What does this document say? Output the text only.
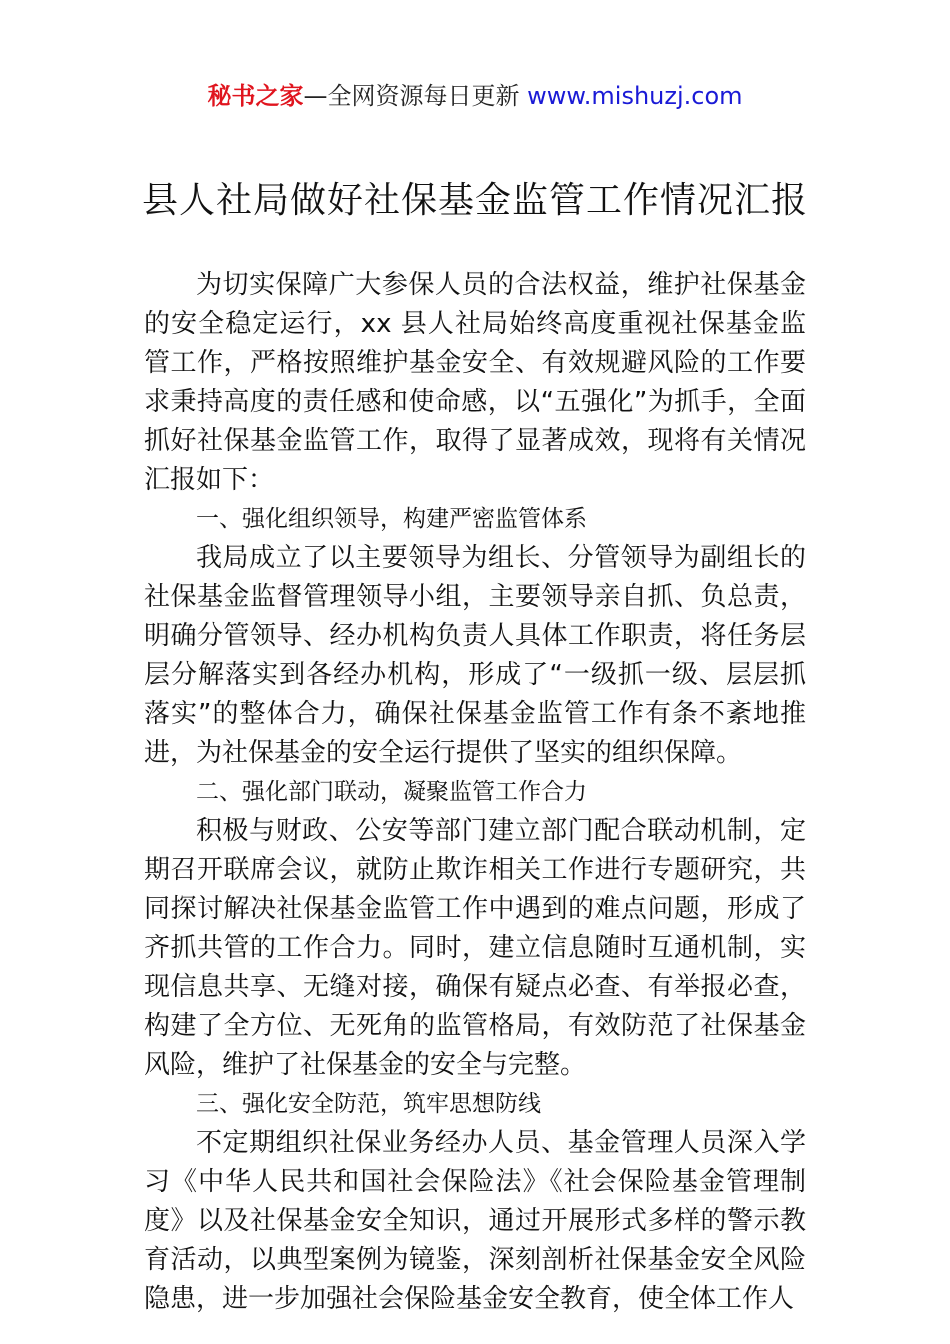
秘书之家—全网资源每日更新 www.mishuzj.com
县人社局做好社保基金监管工作情况汇报

为切实保障广大参保人员的合法权益，维护社保基金的安全稳定运行，xx 县人社局始终高度重视社保基金监管工作，严格按照维护基金安全、有效规避风险的工作要求秉持高度的责任感和使命感，以“五强化”为抓手，全面抓好社保基金监管工作，取得了显著成效，现将有关情况汇报如下：

一、强化组织领导，构建严密监管体系

我局成立了以主要领导为组长、分管领导为副组长的社保基金监督管理领导小组，主要领导亲自抓、负总责，明确分管领导、经办机构负责人具体工作职责，将任务层层分解落实到各经办机构，形成了“一级抓一级、层层抓落实”的整体合力，确保社保基金监管工作有条不紊地推进，为社保基金的安全运行提供了坚实的组织保障。

二、强化部门联动，凝聚监管工作合力

积极与财政、公安等部门建立部门配合联动机制，定期召开联席会议，就防止欺诈相关工作进行专题研究，共同探讨解决社保基金监管工作中遇到的难点问题，形成了齐抓共管的工作合力。同时，建立信息随时互通机制，实现信息共享、无缝对接，确保有疑点必查、有举报必查，构建了全方位、无死角的监管格局，有效防范了社保基金风险，维护了社保基金的安全与完整。

三、强化安全防范，筑牢思想防线

不定期组织社保业务经办人员、基金管理人员深入学习《中华人民共和国社会保险法》《社会保险基金管理制度》以及社保基金安全知识，通过开展形式多样的警示教育活动，以典型案例为镜鉴，深刻剖析社保基金安全风险隐患，进一步加强社会保险基金安全教育，使全体工作人
